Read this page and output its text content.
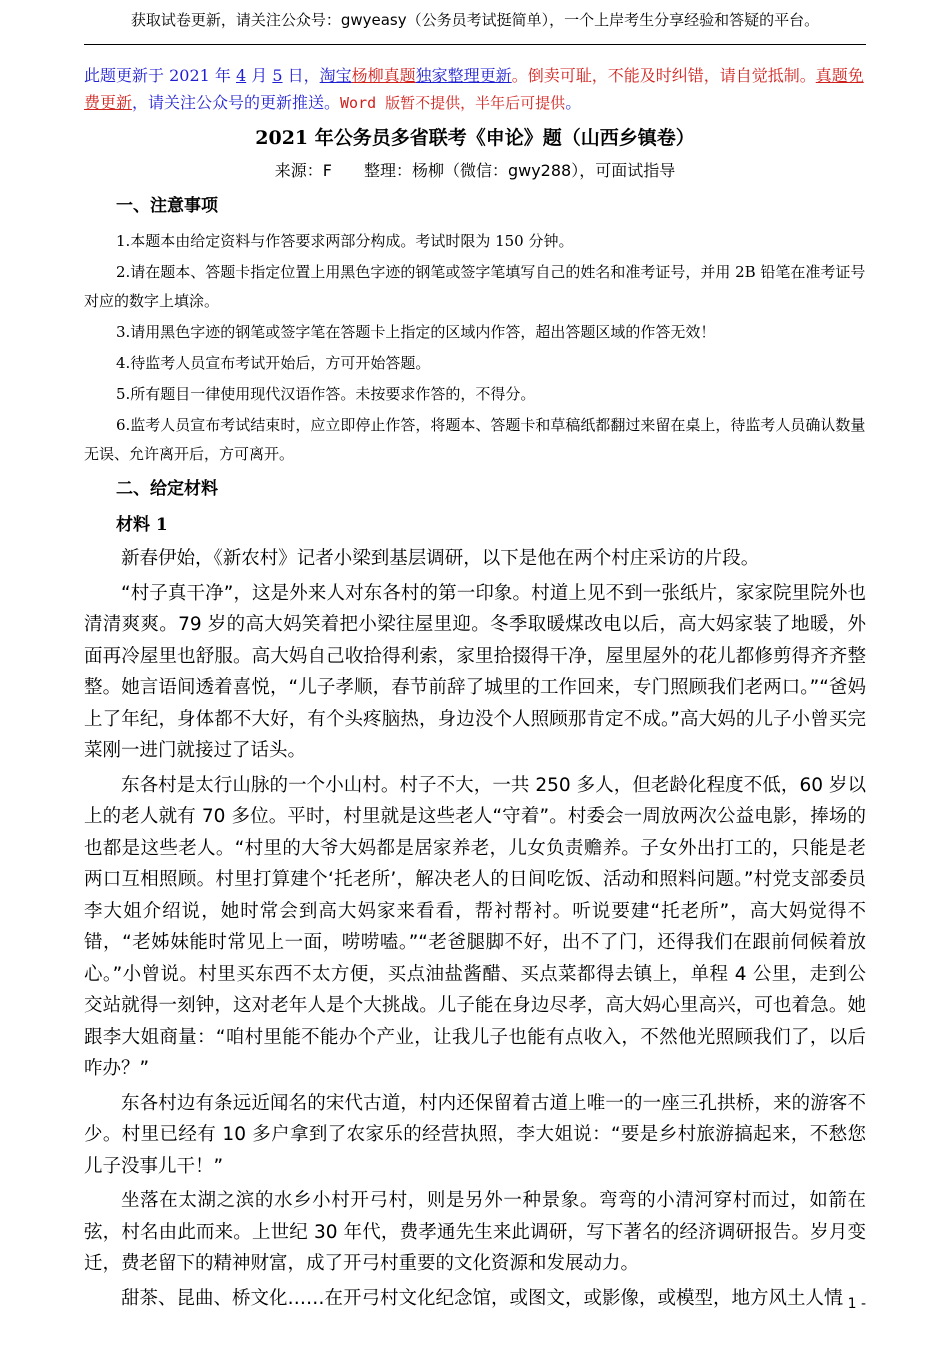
获取试卷更新，请关注公众号：gwyeasy（公务员考试挺简单），一个上岸考生分享经验和答疑的平台。
此题更新于 2021 年 4 月 5 日，淘宝杨柳真题独家整理更新。倒卖可耻，不能及时纠错，请自觉抵制。真题免费更新，请关注公众号的更新推送。Word 版暂不提供，半年后可提供。
2021 年公务员多省联考《申论》题（山西乡镇卷）
来源：F　　整理：杨柳（微信：gwy288），可面试指导
一、注意事项
1.本题本由给定资料与作答要求两部分构成。考试时限为 150 分钟。
2.请在题本、答题卡指定位置上用黑色字迹的钢笔或签字笔填写自己的姓名和准考证号，并用 2B 铅笔在准考证号对应的数字上填涂。
3.请用黑色字迹的钢笔或签字笔在答题卡上指定的区域内作答，超出答题区域的作答无效！
4.待监考人员宣布考试开始后，方可开始答题。
5.所有题目一律使用现代汉语作答。未按要求作答的，不得分。
6.监考人员宣布考试结束时，应立即停止作答，将题本、答题卡和草稿纸都翻过来留在桌上，待监考人员确认数量无误、允许离开后，方可离开。
二、给定材料
材料 1

新春伊始，《新农村》记者小梁到基层调研，以下是他在两个村庄采访的片段。

“村子真干净”，这是外来人对东各村的第一印象。村道上见不到一张纸片，家家院里院外也清清爽爽。79 岁的高大妈笑着把小梁往屋里迎。冬季取暖煤改电以后，高大妈家装了地暖，外面再冷屋里也舒服。高大妈自己收拾得利索，家里拾掇得干净，屋里屋外的花儿都修剪得齐齐整整。她言语间透着喜悦，“儿子孝顺，春节前辞了城里的工作回来，专门照顾我们老两口。”“爸妈上了年纪，身体都不大好，有个头疼脑热，身边没个人照顾那肯定不成。”高大妈的儿子小曾买完菜刚一进门就接过了话头。

东各村是太行山脉的一个小山村。村子不大，一共 250 多人，但老龄化程度不低，60 岁以上的老人就有 70 多位。平时，村里就是这些老人“守着”。村委会一周放两次公益电影，捧场的也都是这些老人。“村里的大爷大妈都是居家养老，儿女负责赡养。子女外出打工的，只能是老两口互相照顾。村里打算建个‘托老所’，解决老人的日间吃饭、活动和照料问题。”村党支部委员李大姐介绍说，她时常会到高大妈家来看看，帮衬帮衬。听说要建“托老所”，高大妈觉得不错，“老姊妹能时常见上一面，唠唠嗑。”“老爸腿脚不好，出不了门，还得我们在跟前伺候着放心。”小曾说。村里买东西不太方便，买点油盐酱醋、买点菜都得去镇上，单程 4 公里，走到公交站就得一刻钟，这对老年人是个大挑战。儿子能在身边尽孝，高大妈心里高兴，可也着急。她跟李大姐商量：“咱村里能不能办个产业，让我儿子也能有点收入，不然他光照顾我们了，以后咋办？”

东各村边有条远近闻名的宋代古道，村内还保留着古道上唯一的一座三孔拱桥，来的游客不少。村里已经有 10 多户拿到了农家乐的经营执照，李大姐说：“要是乡村旅游搞起来，不愁您儿子没事儿干！”

坐落在太湖之滨的水乡小村开弓村，则是另外一种景象。弯弯的小清河穿村而过，如箭在弦，村名由此而来。上世纪 30 年代，费孝通先生来此调研，写下著名的经济调研报告。岁月变迁，费老留下的精神财富，成了开弓村重要的文化资源和发展动力。

甜茶、昆曲、桥文化……在开弓村文化纪念馆，或图文，或影像，或模型，地方风土人情

- 1 -
